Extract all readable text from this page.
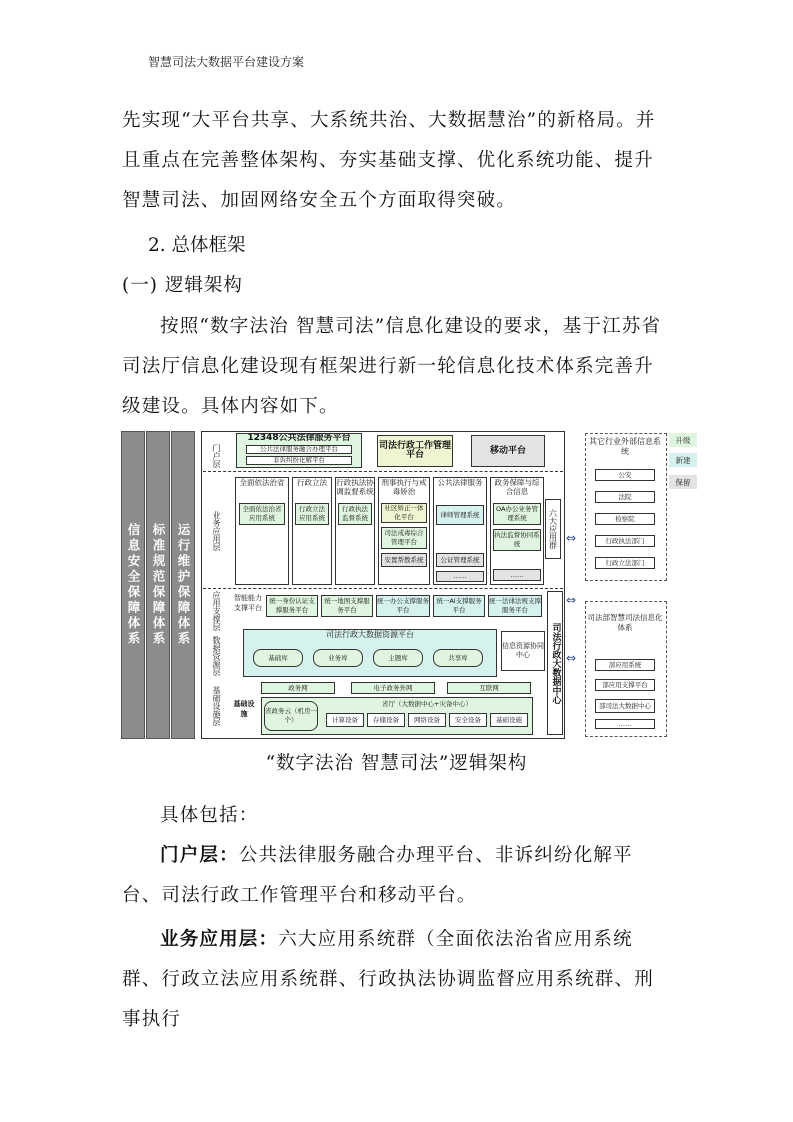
智慧司法大数据平台建设方案
先实现“大平台共享、大系统共治、大数据慧治”的新格局。并且重点在完善整体架构、夯实基础支撑、优化系统功能、提升智慧司法、加固网络安全五个方面取得突破。
2. 总体框架
(一) 逻辑架构
按照“数字法治 智慧司法”信息化建设的要求，基于江苏省司法厅信息化建设现有框架进行新一轮信息化技术体系完善升级建设。具体内容如下。
信息安全保障体系 标准规范保障体系 运行维护保障体系
门户层
业务应用层
应用支撑层
数据资源层
基础设施层
12348公共法律服务平台
公共法律服务融合办理平台
非诉纠纷化解平台
司法行政工作管理平台	移动平台
全面依法治省
全面依法治省应用系统
行政立法
行政立法应用系统
行政执法协调监督系统
行政执法监督系统
刑事执行与戒毒矫治
社区矫正一体化平台
司法戒毒综合管理平台
安置帮教系统
公共法律服务
律师管理系统
公证管理系统
……
政务保障与综合信息
OA办公业务管理系统
执法监督协同系统
……
六大应用群
智能能力支撑平台
统一身份认证支撑服务平台
统一地图支撑服务平台
统一办公支撑服务平台
统一AI支撑服务平台
统一法律法规支撑服务平台
司法行政大数据资源平台
基础库	业务库	主题库	共享库
信息资源协同中心	司法行政大数据中心
政务网	电子政务外网	互联网
基础设施	省政务云（机房一个）
省厅（大数据中心+灾备中心）
计算设备	存储设备	网络设备	安全设备	基础设施
⇔
⇔
⇔
其它行业外部信息系统
公安
法院
检察院
行政执法部门
行政立法部门
司法部智慧司法信息化体系
部应用系统
部应用支撑平台
部司法大数据中心
……
升级
新建
保留
“数字法治 智慧司法”逻辑架构
具体包括：
门户层：公共法律服务融合办理平台、非诉纠纷化解平台、司法行政工作管理平台和移动平台。
业务应用层：六大应用系统群（全面依法治省应用系统群、行政立法应用系统群、行政执法协调监督应用系统群、刑事执行
